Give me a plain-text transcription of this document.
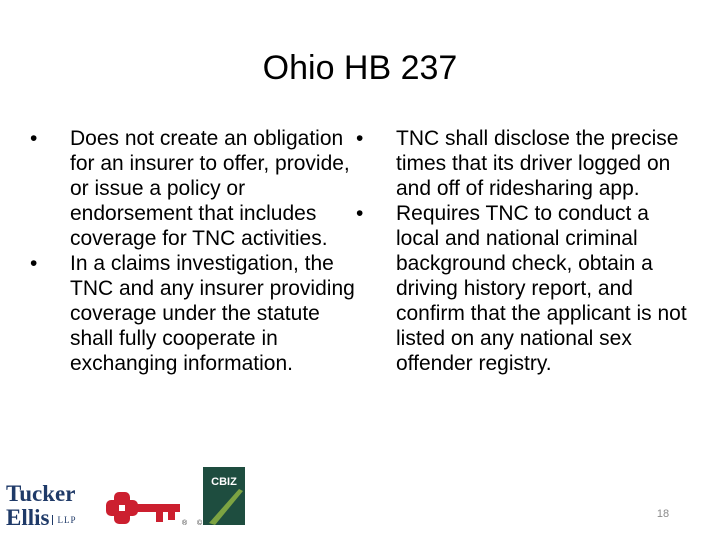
Ohio HB 237
•	Does not create an obligation for an insurer to offer, provide, or issue a policy or endorsement that includes coverage for TNC activities.
•	In a claims investigation, the TNC and any insurer providing coverage under the statute shall fully cooperate in exchanging information.
•	TNC shall disclose the precise times that its driver logged on and off of ridesharing app.
•	Requires TNC to conduct a local and national criminal background check, obtain a driving history report, and confirm that the applicant is not listed on any national sex offender registry.
Tucker
Ellis LLP	® ©
CBIZ
18
